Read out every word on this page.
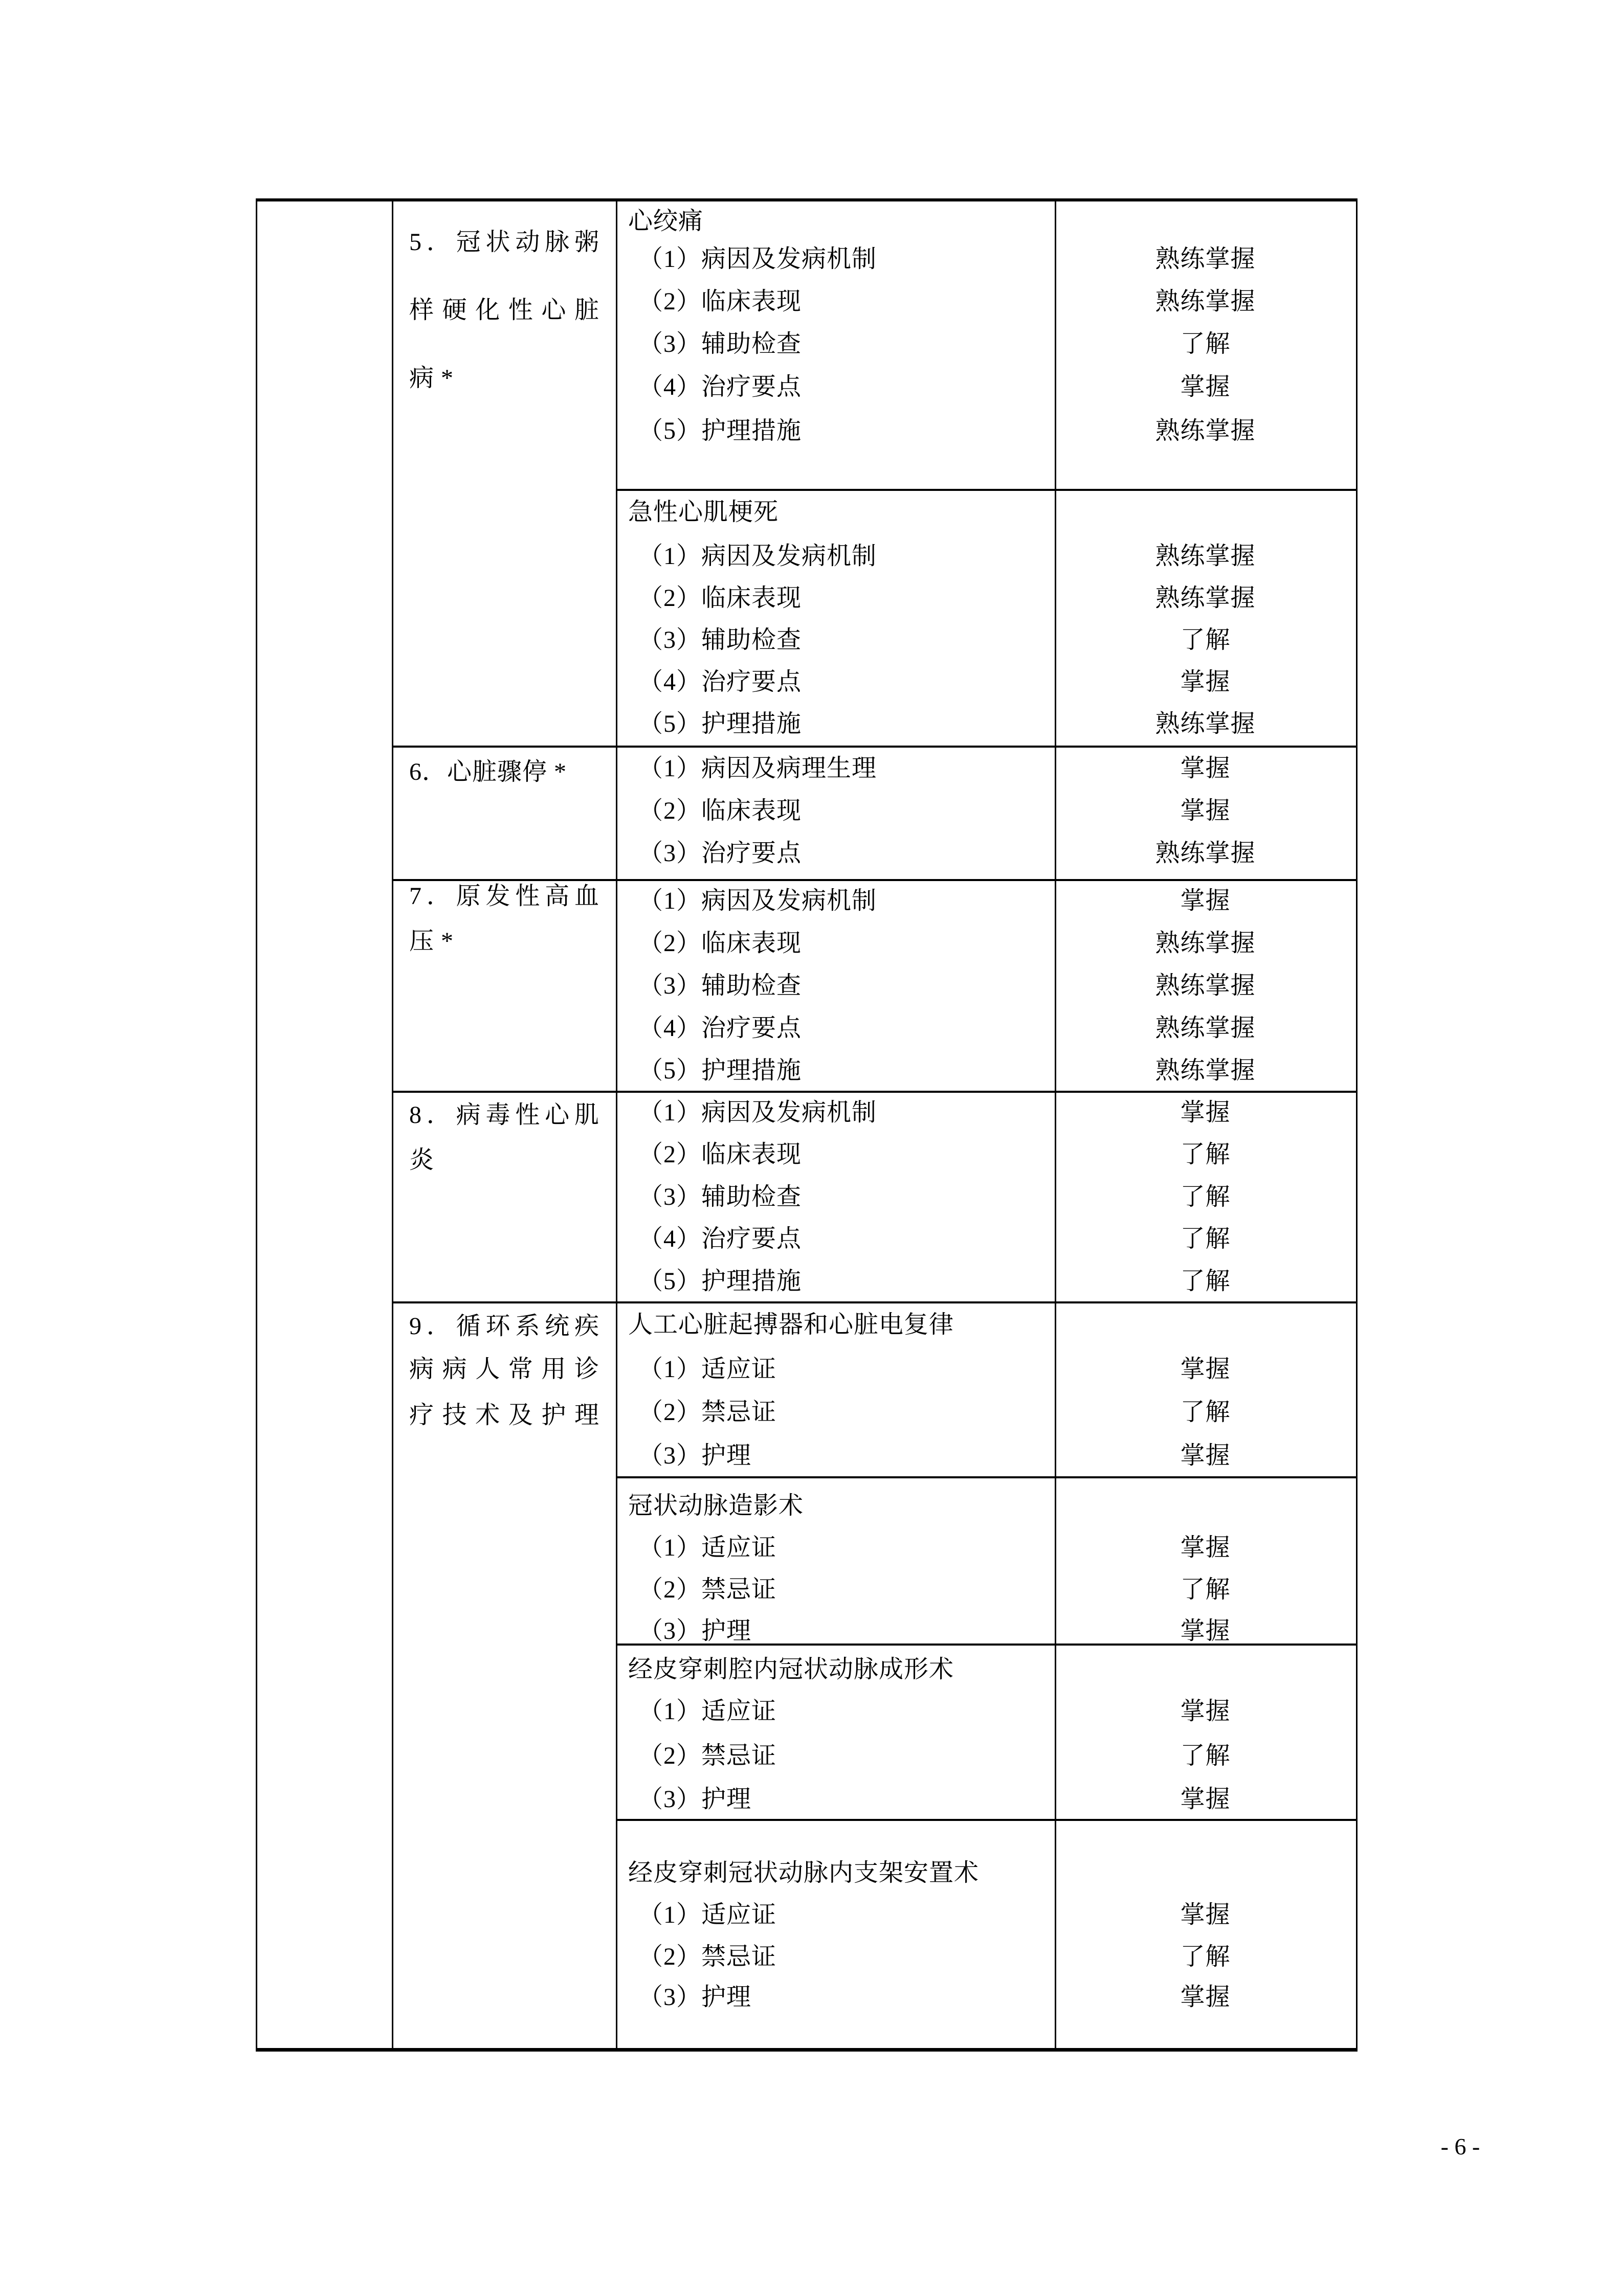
5．冠状动脉粥
样硬化性心脏
病 *
6．心脏骤停 *
7．原发性高血
压 *
8．病毒性心肌
炎
9．循环系统疾
病病人常用诊
疗技术及护理
心绞痛
（1）病因及发病机制
（2）临床表现
（3）辅助检查
（4）治疗要点
（5）护理措施
熟练掌握
熟练掌握
了解
掌握
熟练掌握
急性心肌梗死
（1）病因及发病机制
（2）临床表现
（3）辅助检查
（4）治疗要点
（5）护理措施
熟练掌握
熟练掌握
了解
掌握
熟练掌握
（1）病因及病理生理
（2）临床表现
（3）治疗要点
掌握
掌握
熟练掌握
（1）病因及发病机制
（2）临床表现
（3）辅助检查
（4）治疗要点
（5）护理措施
掌握
熟练掌握
熟练掌握
熟练掌握
熟练掌握
（1）病因及发病机制
（2）临床表现
（3）辅助检查
（4）治疗要点
（5）护理措施
掌握
了解
了解
了解
了解
人工心脏起搏器和心脏电复律
（1）适应证
（2）禁忌证
（3）护理
掌握
了解
掌握
冠状动脉造影术
（1）适应证
（2）禁忌证
（3）护理
掌握
了解
掌握
经皮穿刺腔内冠状动脉成形术
（1）适应证
（2）禁忌证
（3）护理
掌握
了解
掌握
经皮穿刺冠状动脉内支架安置术
（1）适应证
（2）禁忌证
（3）护理
掌握
了解
掌握
- 6 -
